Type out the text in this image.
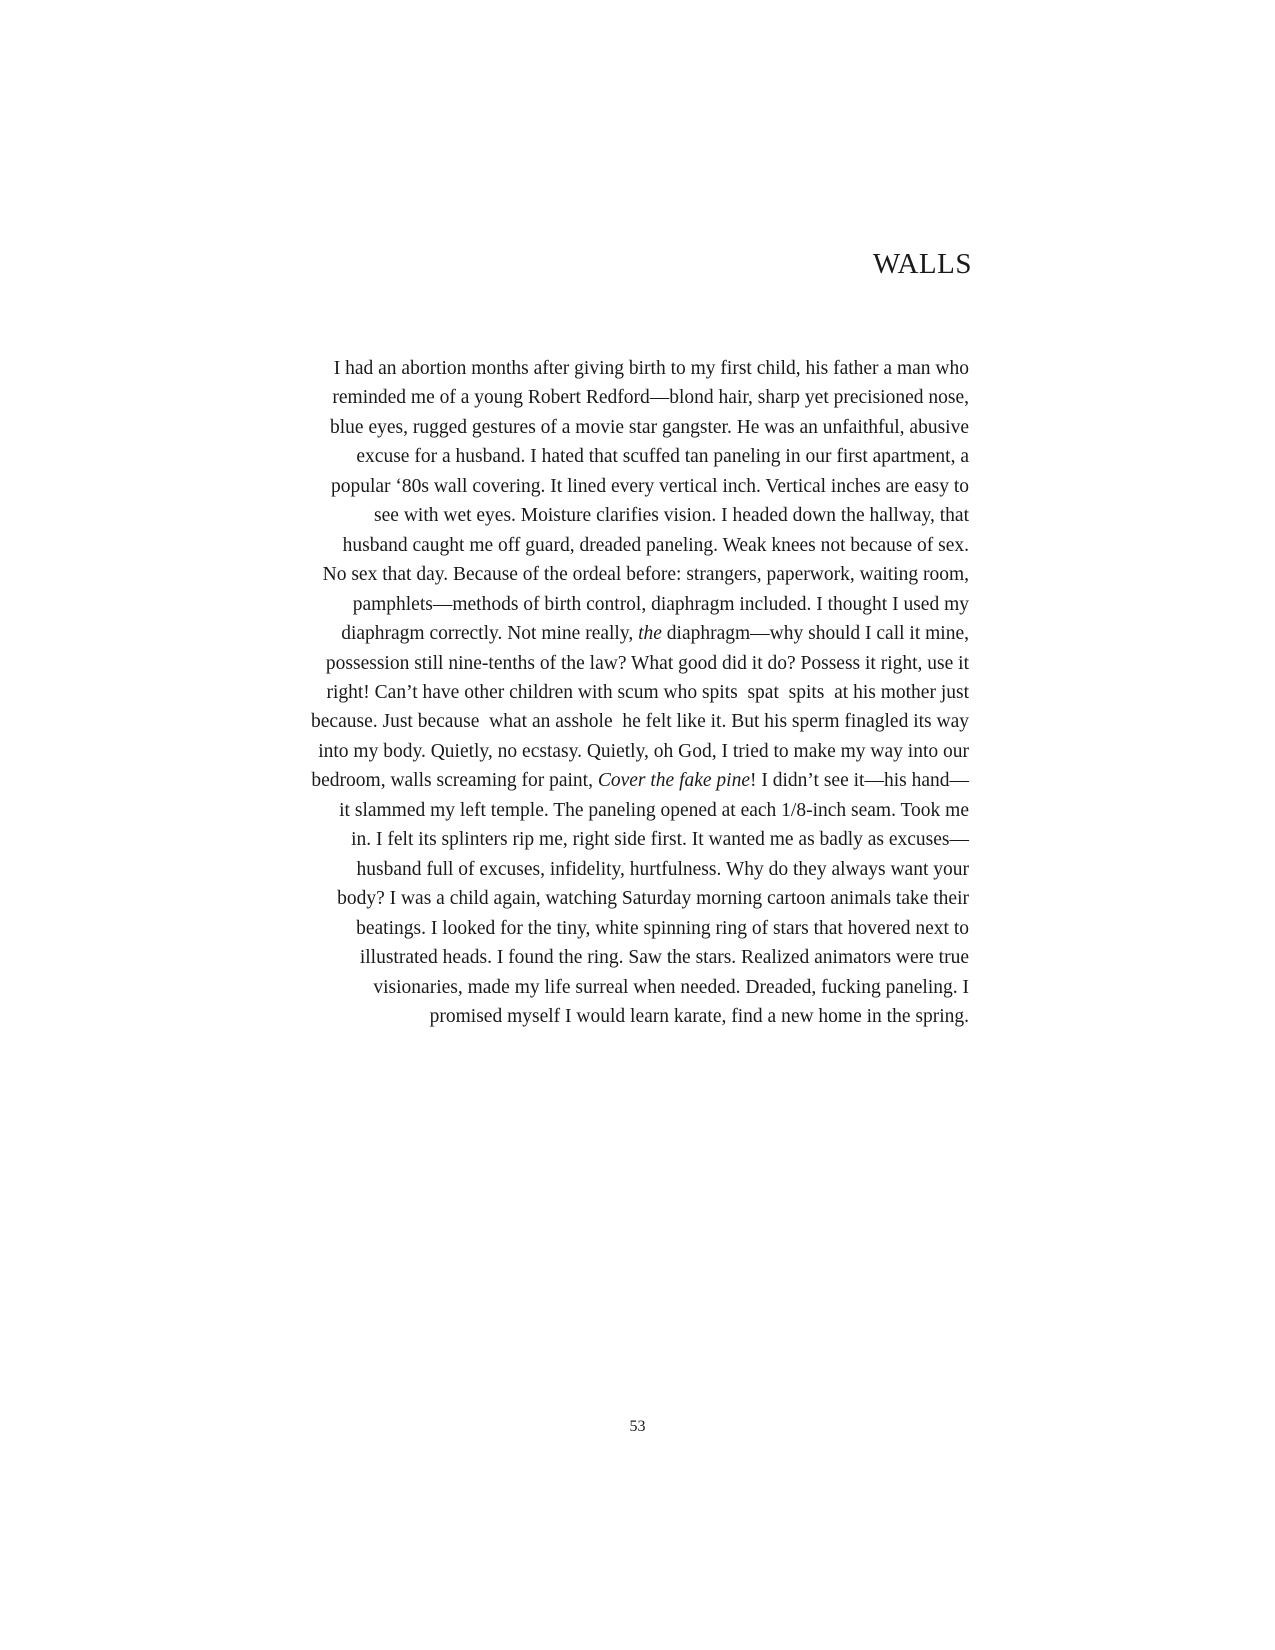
WALLS
I had an abortion months after giving birth to my first child, his father a man who
reminded me of a young Robert Redford—blond hair, sharp yet precisioned nose,
blue eyes, rugged gestures of a movie star gangster. He was an unfaithful, abusive
excuse for a husband. I hated that scuffed tan paneling in our first apartment, a
popular ‘80s wall covering. It lined every vertical inch. Vertical inches are easy to
see with wet eyes. Moisture clarifies vision. I headed down the hallway, that
husband caught me off guard, dreaded paneling. Weak knees not because of sex.
No sex that day. Because of the ordeal before: strangers, paperwork, waiting room,
pamphlets—methods of birth control, diaphragm included. I thought I used my
diaphragm correctly. Not mine really, the diaphragm—why should I call it mine,
possession still nine-tenths of the law? What good did it do? Possess it right, use it
right! Can’t have other children with scum who spits  spat  spits  at his mother just
because. Just because  what an asshole  he felt like it. But his sperm finagled its way
into my body. Quietly, no ecstasy. Quietly, oh God, I tried to make my way into our
bedroom, walls screaming for paint, Cover the fake pine! I didn’t see it—his hand—
it slammed my left temple. The paneling opened at each 1/8-inch seam. Took me
in. I felt its splinters rip me, right side first. It wanted me as badly as excuses—
husband full of excuses, infidelity, hurtfulness. Why do they always want your
body? I was a child again, watching Saturday morning cartoon animals take their
beatings. I looked for the tiny, white spinning ring of stars that hovered next to
illustrated heads. I found the ring. Saw the stars. Realized animators were true
visionaries, made my life surreal when needed. Dreaded, fucking paneling. I
promised myself I would learn karate, find a new home in the spring.
53
